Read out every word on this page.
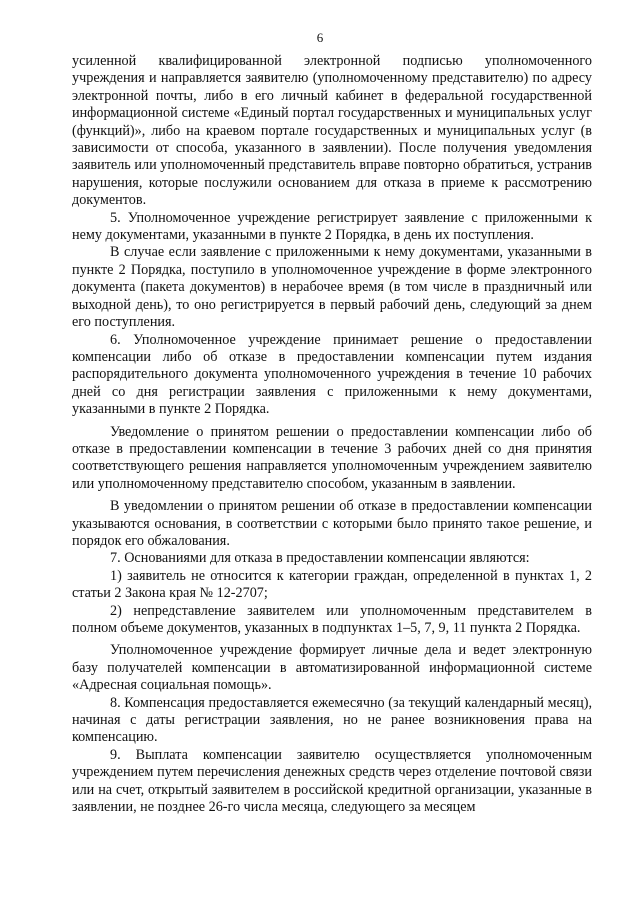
6

усиленной квалифицированной электронной подписью уполномоченного учреждения и направляется заявителю (уполномоченному представителю) по адресу электронной почты, либо в его личный кабинет в федеральной государственной информационной системе «Единый портал государственных и муниципальных услуг (функций)», либо на краевом портале государственных и муниципальных услуг (в зависимости от способа, указанного в заявлении). После получения уведомления заявитель или уполномоченный представитель вправе повторно обратиться, устранив нарушения, которые послужили основанием для отказа в приеме к рассмотрению документов.

5. Уполномоченное учреждение регистрирует заявление с приложенными к нему документами, указанными в пункте 2 Порядка, в день их поступления.

В случае если заявление с приложенными к нему документами, указанными в пункте 2 Порядка, поступило в уполномоченное учреждение в форме электронного документа (пакета документов) в нерабочее время (в том числе в праздничный или выходной день), то оно регистрируется в первый рабочий день, следующий за днем его поступления.

6. Уполномоченное учреждение принимает решение о предоставлении компенсации либо об отказе в предоставлении компенсации путем издания распорядительного документа уполномоченного учреждения в течение 10 рабочих дней со дня регистрации заявления с приложенными к нему документами, указанными в пункте 2 Порядка.

Уведомление о принятом решении о предоставлении компенсации либо об отказе в предоставлении компенсации в течение 3 рабочих дней со дня принятия соответствующего решения направляется уполномоченным учреждением заявителю или уполномоченному представителю способом, указанным в заявлении.

В уведомлении о принятом решении об отказе в предоставлении компенсации указываются основания, в соответствии с которыми было принято такое решение, и порядок его обжалования.

7. Основаниями для отказа в предоставлении компенсации являются:

1) заявитель не относится к категории граждан, определенной в пунктах 1, 2 статьи 2 Закона края № 12-2707;

2) непредставление заявителем или уполномоченным представителем в полном объеме документов, указанных в подпунктах 1–5, 7, 9, 11 пункта 2 Порядка.

Уполномоченное учреждение формирует личные дела и ведет электронную базу получателей компенсации в автоматизированной информационной системе «Адресная социальная помощь».

8. Компенсация предоставляется ежемесячно (за текущий календарный месяц), начиная с даты регистрации заявления, но не ранее возникновения права на компенсацию.

9. Выплата компенсации заявителю осуществляется уполномоченным учреждением путем перечисления денежных средств через отделение почтовой связи или на счет, открытый заявителем в российской кредитной организации, указанные в заявлении, не позднее 26-го числа месяца, следующего за месяцем
